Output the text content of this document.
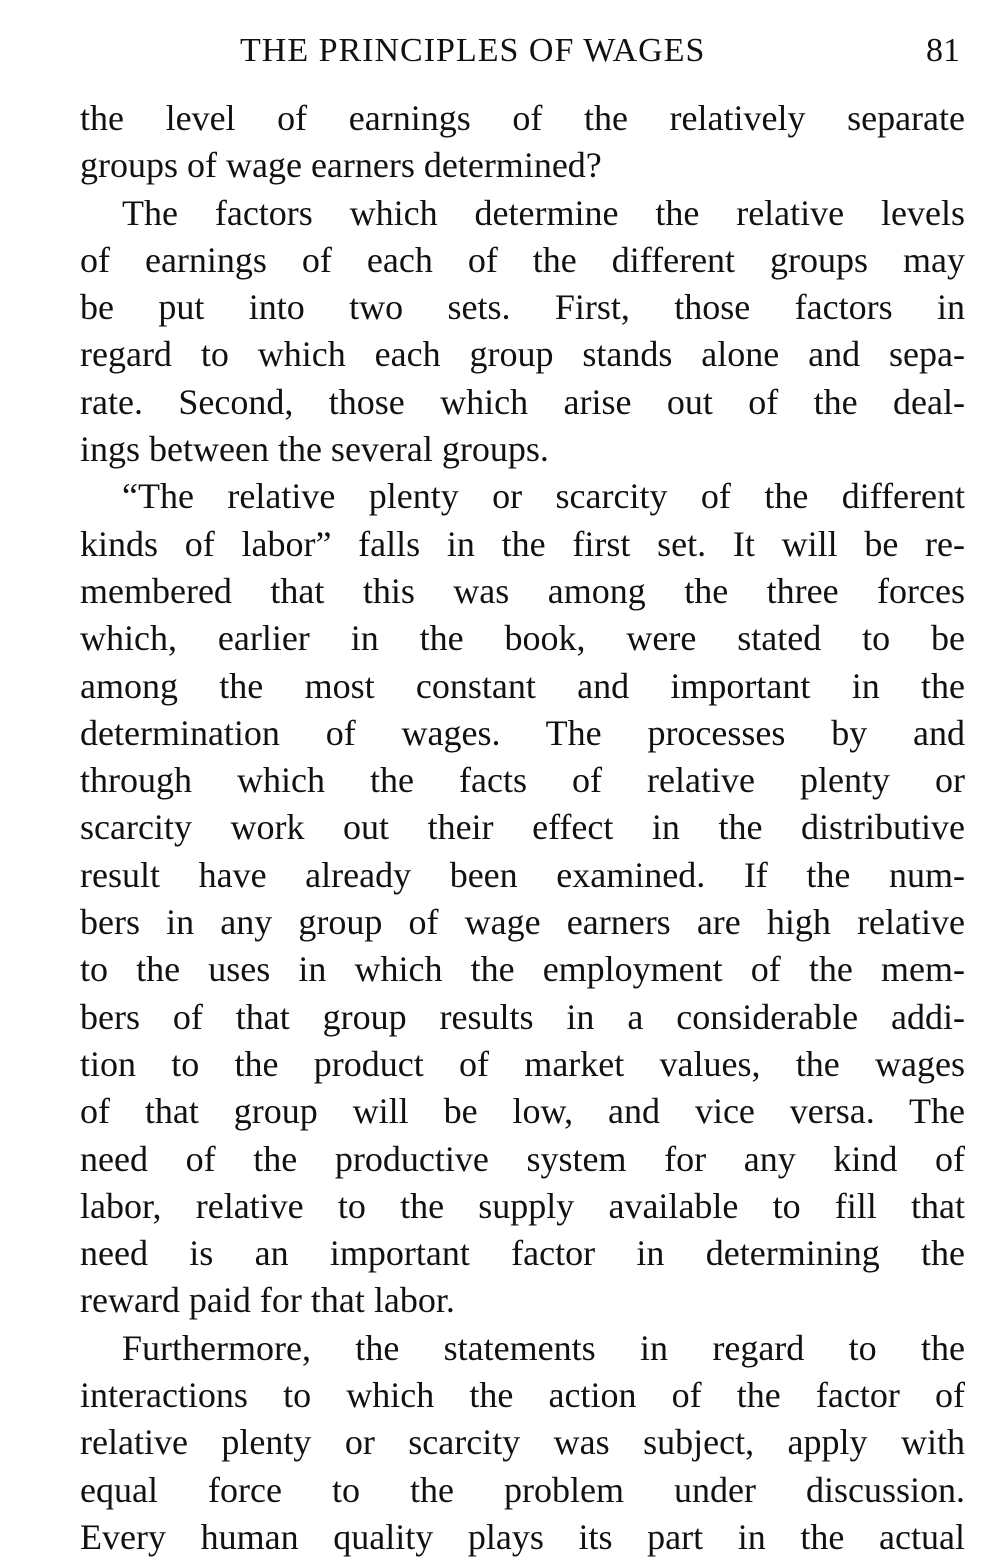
THE PRINCIPLES OF WAGES	81
the level of earnings of the relatively separate
groups of wage earners determined?
The factors which determine the relative levels
of earnings of each of the different groups may
be put into two sets. First, those factors in
regard to which each group stands alone and sepa-
rate. Second, those which arise out of the deal-
ings between the several groups.
“The relative plenty or scarcity of the different
kinds of labor” falls in the first set. It will be re-
membered that this was among the three forces
which, earlier in the book, were stated to be
among the most constant and important in the
determination of wages. The processes by and
through which the facts of relative plenty or
scarcity work out their effect in the distributive
result have already been examined. If the num-
bers in any group of wage earners are high relative
to the uses in which the employment of the mem-
bers of that group results in a considerable addi-
tion to the product of market values, the wages
of that group will be low, and vice versa. The
need of the productive system for any kind of
labor, relative to the supply available to fill that
need is an important factor in determining the
reward paid for that labor.
Furthermore, the statements in regard to the
interactions to which the action of the factor of
relative plenty or scarcity was subject, apply with
equal force to the problem under discussion.
Every human quality plays its part in the actual
